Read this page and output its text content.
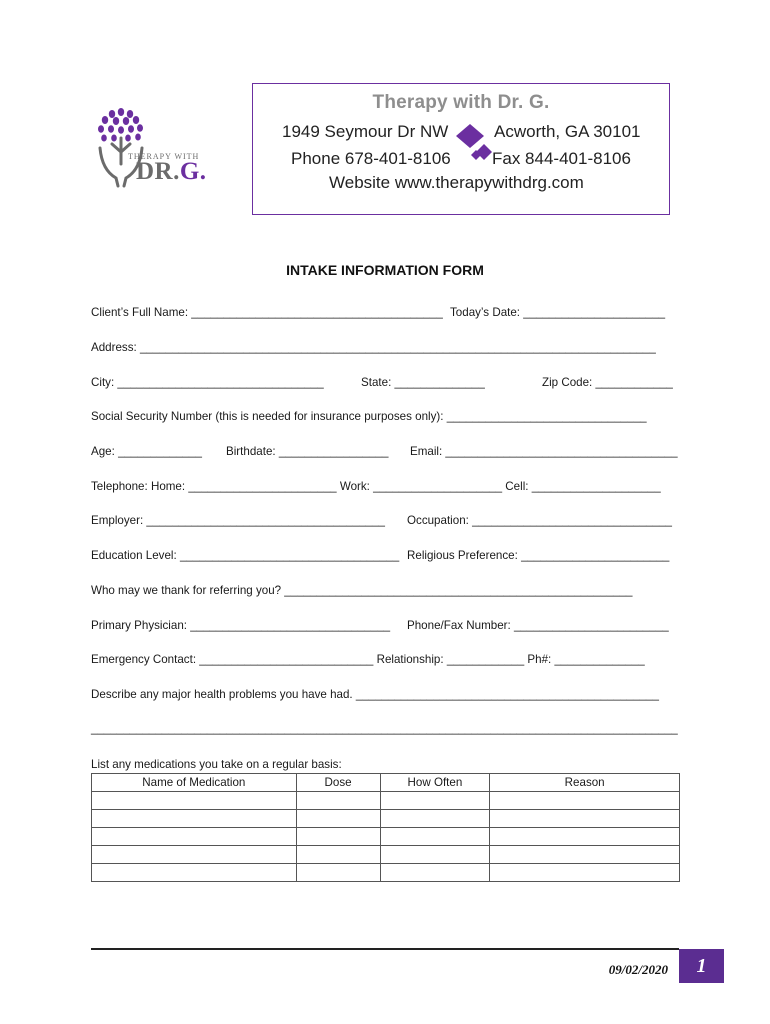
THERAPY WITH
DR.G.
Therapy with Dr. G.
1949 Seymour Dr NW	Acworth, GA 30101
Phone 678-401-8106 Fax 844-401-8106
Website www.therapywithdrg.com
INTAKE INFORMATION FORM
Client’s Full Name: _______________________________________ Today’s Date: ______________________
Address: ________________________________________________________________________________
City: ________________________________	State: ______________	Zip Code: ____________
Social Security Number (this is needed for insurance purposes only): _______________________________
Age: _____________ Birthdate: _________________ Email: ____________________________________
Telephone: Home: _______________________ Work: ____________________ Cell: ____________________
Employer: _____________________________________ Occupation: _______________________________
Education Level: __________________________________ Religious Preference: _______________________
Who may we thank for referring you? ______________________________________________________
Primary Physician: _______________________________ Phone/Fax Number: ________________________
Emergency Contact: ___________________________ Relationship: ____________ Ph#: ______________
Describe any major health problems you have had. _______________________________________________
___________________________________________________________________________________________
List any medications you take on a regular basis:
Name of Medication	Dose	How Often	Reason

09/02/2020	1
